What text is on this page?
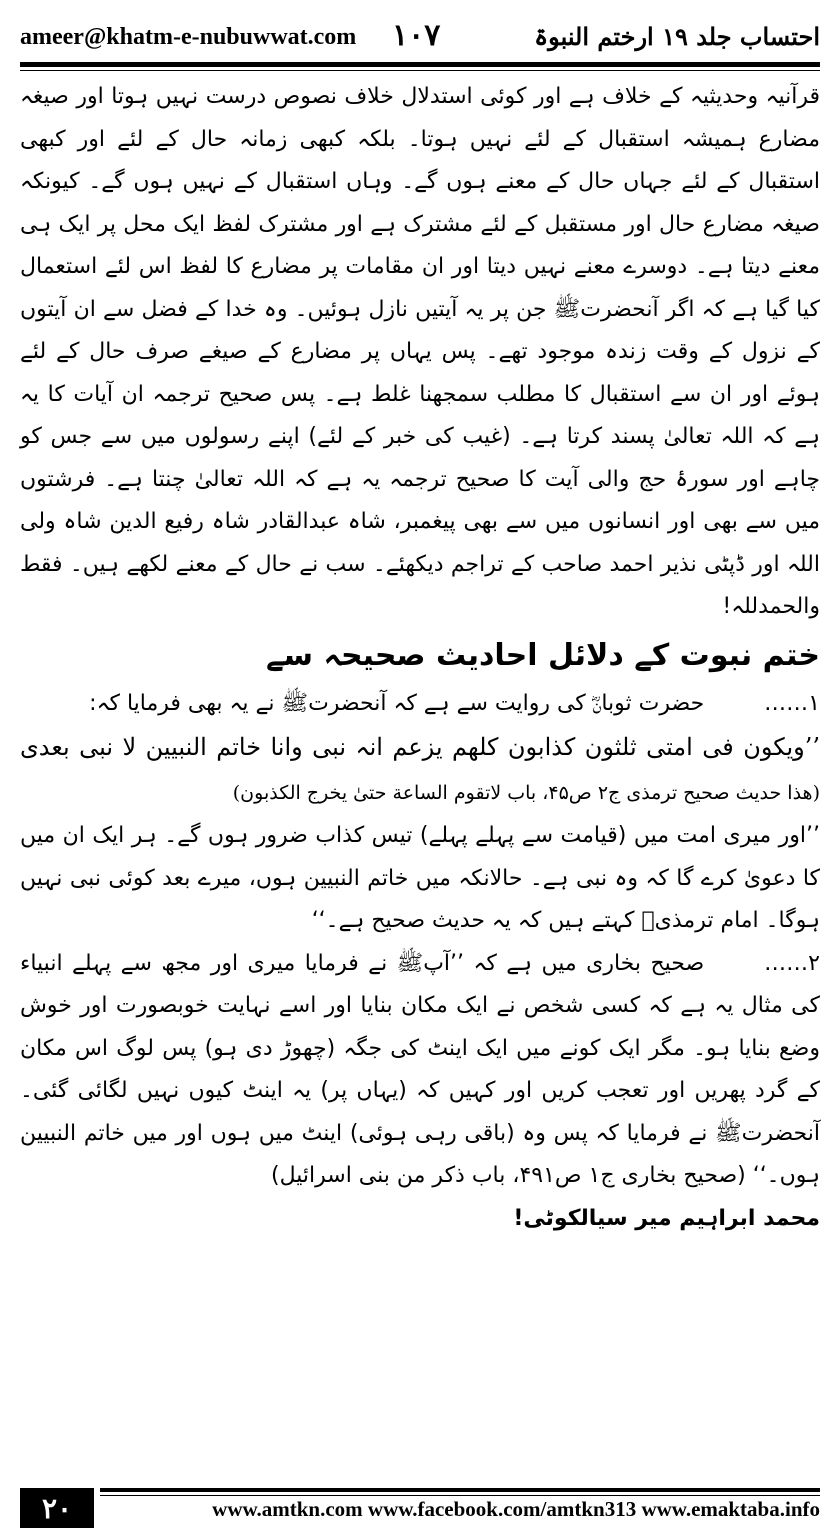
ameer@khatm-e-nubuwwat.com ۱۰۷	احتساب جلد ۱۹ ارختم النبوۃ

قرآنیہ وحدیثیہ کے خلاف ہے اور کوئی استدلال خلاف نصوص درست نہیں ہوتا اور صیغہ مضارع ہمیشہ استقبال کے لئے نہیں ہوتا۔ بلکہ کبھی زمانہ حال کے لئے اور کبھی استقبال کے لئے جہاں حال کے معنے ہوں گے۔ وہاں استقبال کے نہیں ہوں گے۔ کیونکہ صیغہ مضارع حال اور مستقبل کے لئے مشترک ہے اور مشترک لفظ ایک محل پر ایک ہی معنے دیتا ہے۔ دوسرے معنے نہیں دیتا اور ان مقامات پر مضارع کا لفظ اس لئے استعمال کیا گیا ہے کہ اگر آنحضرتﷺ جن پر یہ آیتیں نازل ہوئیں۔ وہ خدا کے فضل سے ان آیتوں کے نزول کے وقت زندہ موجود تھے۔ پس یہاں پر مضارع کے صیغے صرف حال کے لئے ہوئے اور ان سے استقبال کا مطلب سمجھنا غلط ہے۔ پس صحیح ترجمہ ان آیات کا یہ ہے کہ اللہ تعالیٰ پسند کرتا ہے۔ (غیب کی خبر کے لئے) اپنے رسولوں میں سے جس کو چاہے اور سورۂ حج والی آیت کا صحیح ترجمہ یہ ہے کہ اللہ تعالیٰ چنتا ہے۔ فرشتوں میں سے بھی اور انسانوں میں سے بھی پیغمبر، شاہ عبدالقادر شاہ رفیع الدین شاہ ولی اللہ اور ڈپٹی نذیر احمد صاحب کے تراجم دیکھئے۔ سب نے حال کے معنے لکھے ہیں۔ فقط والحمدللہ!

ختم نبوت کے دلائل احادیث صحیحہ سے

۱……حضرت ثوبانؓ کی روایت سے ہے کہ آنحضرتﷺ نے یہ بھی فرمایا کہ:

’’ویکون فی امتی ثلثون کذابون کلھم یزعم انہ نبی وانا خاتم النبیین لا نبی بعدی (ھذا حدیث صحیح ترمذی ج۲ ص۴۵، باب لاتقوم الساعة حتیٰ یخرج الکذبون)

’’اور میری امت میں (قیامت سے پہلے پہلے) تیس کذاب ضرور ہوں گے۔ ہر ایک ان میں کا دعویٰ کرے گا کہ وہ نبی ہے۔ حالانکہ میں خاتم النبیین ہوں، میرے بعد کوئی نبی نہیں ہوگا۔ امام ترمذیؒ کہتے ہیں کہ یہ حدیث صحیح ہے۔‘‘

۲……صحیح بخاری میں ہے کہ ’’آپﷺ نے فرمایا میری اور مجھ سے پہلے انبیاء کی مثال یہ ہے کہ کسی شخص نے ایک مکان بنایا اور اسے نہایت خوبصورت اور خوش وضع بنایا ہو۔ مگر ایک کونے میں ایک اینٹ کی جگہ (چھوڑ دی ہو) پس لوگ اس مکان کے گرد پھریں اور تعجب کریں اور کہیں کہ (یہاں پر) یہ اینٹ کیوں نہیں لگائی گئی۔ آنحضرتﷺ نے فرمایا کہ پس وہ (باقی رہی ہوئی) اینٹ میں ہوں اور میں خاتم النبیین ہوں۔‘‘ (صحیح بخاری ج۱ ص۴۹۱، باب ذکر من بنی اسرائیل)

محمد ابراہیم میر سیالکوٹی!

۲۰	www.amtkn.com www.facebook.com/amtkn313 www.emaktaba.info
